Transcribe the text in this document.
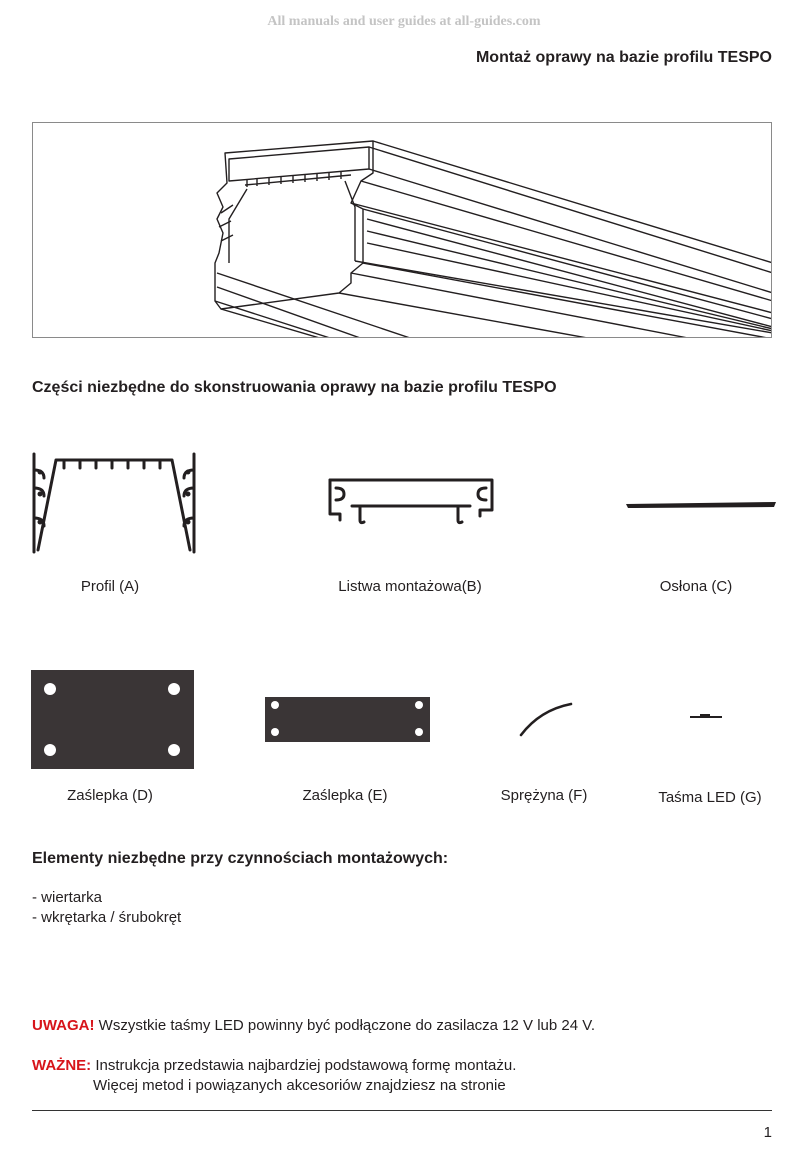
All manuals and user guides at all-guides.com
Montaż oprawy na bazie profilu TESPO
Części niezbędne do skonstruowania oprawy na bazie profilu TESPO
Profil (A)	Listwa montażowa(B)	Osłona (C)
Zaślepka (D)	Zaślepka (E)	Sprężyna (F)	Taśma LED (G)
Elementy niezbędne przy czynnościach montażowych:
- wiertarka
- wkrętarka / śrubokręt
UWAGA! Wszystkie taśmy LED powinny być podłączone do zasilacza 12 V lub 24 V.
WAŻNE: Instrukcja przedstawia najbardziej podstawową formę montażu.
Więcej metod i powiązanych akcesoriów znajdziesz na stronie
1
